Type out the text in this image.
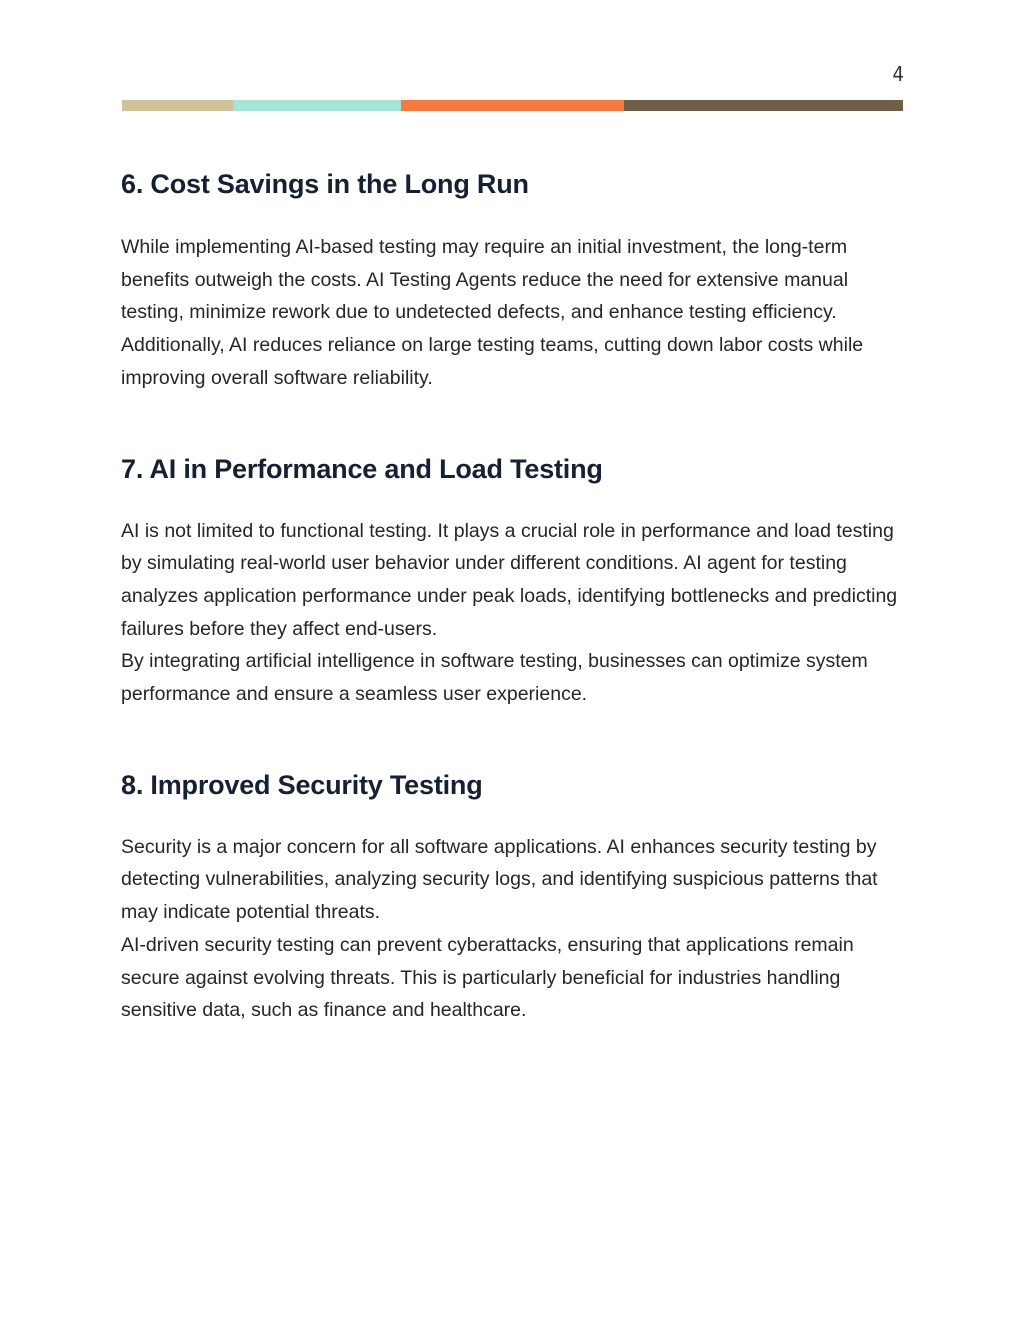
4
6. Cost Savings in the Long Run

While implementing AI-based testing may require an initial investment, the long-term benefits outweigh the costs. AI Testing Agents reduce the need for extensive manual testing, minimize rework due to undetected defects, and enhance testing efficiency.

Additionally, AI reduces reliance on large testing teams, cutting down labor costs while improving overall software reliability.

7. AI in Performance and Load Testing

AI is not limited to functional testing. It plays a crucial role in performance and load testing by simulating real-world user behavior under different conditions. AI agent for testing analyzes application performance under peak loads, identifying bottlenecks and predicting failures before they affect end-users.

By integrating artificial intelligence in software testing, businesses can optimize system performance and ensure a seamless user experience.

8. Improved Security Testing

Security is a major concern for all software applications. AI enhances security testing by detecting vulnerabilities, analyzing security logs, and identifying suspicious patterns that may indicate potential threats.

AI-driven security testing can prevent cyberattacks, ensuring that applications remain secure against evolving threats. This is particularly beneficial for industries handling sensitive data, such as finance and healthcare.
